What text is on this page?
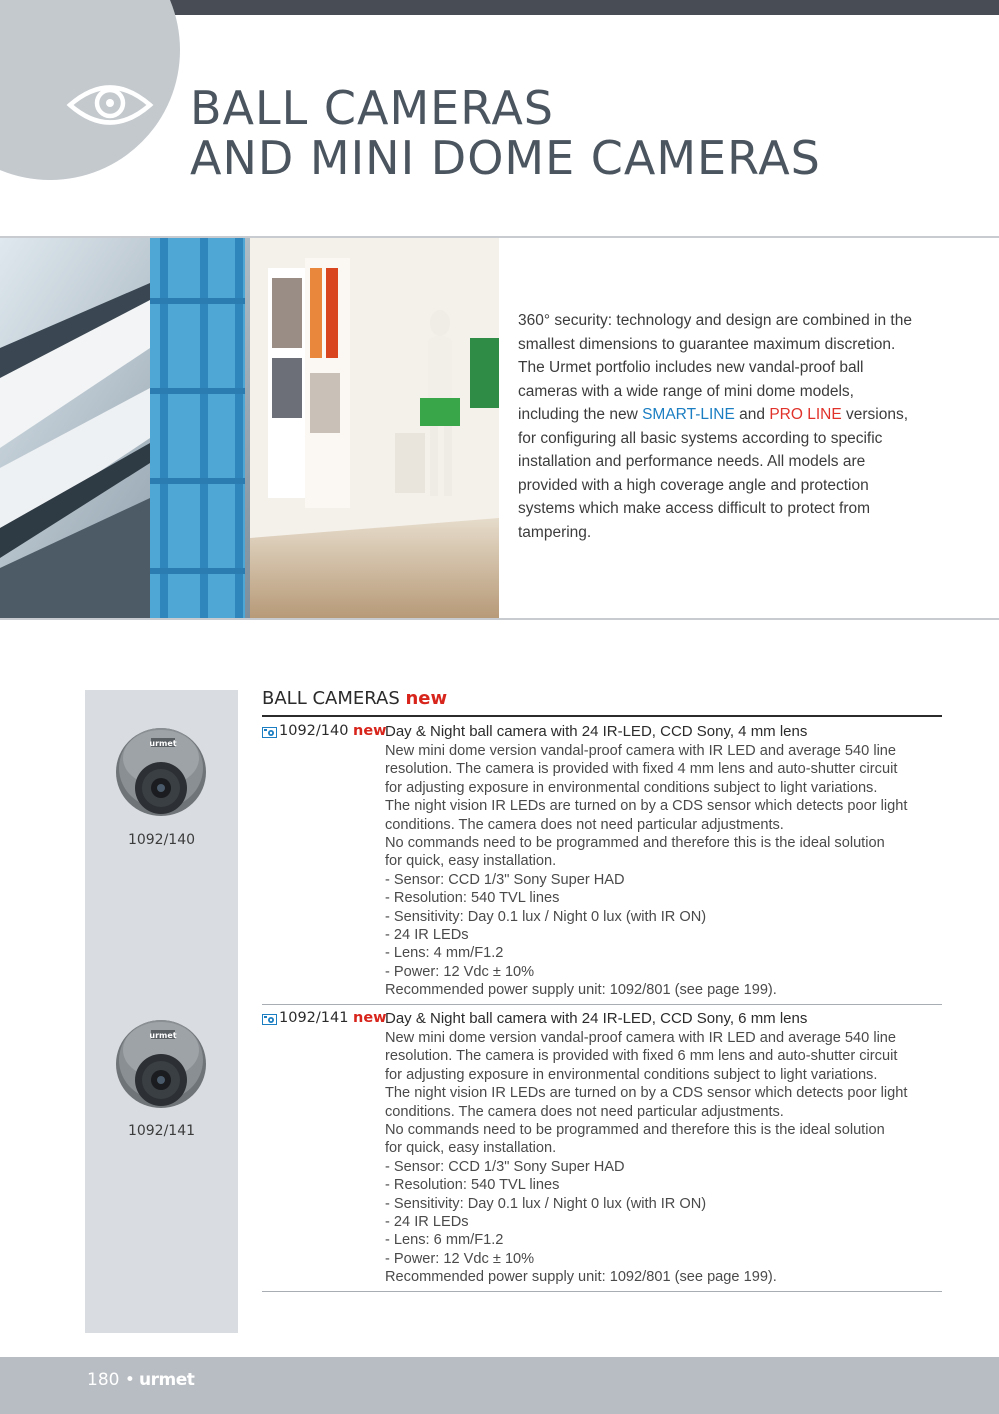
BALL CAMERAS
AND MINI DOME CAMERAS
360° security: technology and design are combined in the smallest dimensions to guarantee maximum discretion. The Urmet portfolio includes new vandal-proof ball cameras with a wide range of mini dome models, including the new SMART-LINE and PRO LINE versions, for configuring all basic systems according to specific installation and performance needs. All models are provided with a high coverage angle and protection systems which make access difficult to protect from tampering.
urmet
1092/140
urmet
1092/141
BALL CAMERAS new
1092/140 new
Day & Night ball camera with 24 IR-LED, CCD Sony, 4 mm lens

New mini dome version vandal-proof camera with IR LED and average 540 line

resolution. The camera is provided with fixed 4 mm lens and auto-shutter circuit

for adjusting exposure in environmental conditions subject to light variations.

The night vision IR LEDs are turned on by a CDS sensor which detects poor light

conditions. The camera does not need particular adjustments.

No commands need to be programmed and therefore this is the ideal solution

for quick, easy installation.

- Sensor: CCD 1/3" Sony Super HAD

- Resolution: 540 TVL lines

- Sensitivity: Day 0.1 lux / Night 0 lux (with IR ON)

- 24 IR LEDs

- Lens: 4 mm/F1.2

- Power: 12 Vdc ± 10%

Recommended power supply unit: 1092/801 (see page 199).

1092/141 new
Day & Night ball camera with 24 IR-LED, CCD Sony, 6 mm lens

New mini dome version vandal-proof camera with IR LED and average 540 line

resolution. The camera is provided with fixed 6 mm lens and auto-shutter circuit

for adjusting exposure in environmental conditions subject to light variations.

The night vision IR LEDs are turned on by a CDS sensor which detects poor light

conditions. The camera does not need particular adjustments.

No commands need to be programmed and therefore this is the ideal solution

for quick, easy installation.

- Sensor: CCD 1/3" Sony Super HAD

- Resolution: 540 TVL lines

- Sensitivity: Day 0.1 lux / Night 0 lux (with IR ON)

- 24 IR LEDs

- Lens: 6 mm/F1.2

- Power: 12 Vdc ± 10%

Recommended power supply unit: 1092/801 (see page 199).

180 • urmet
